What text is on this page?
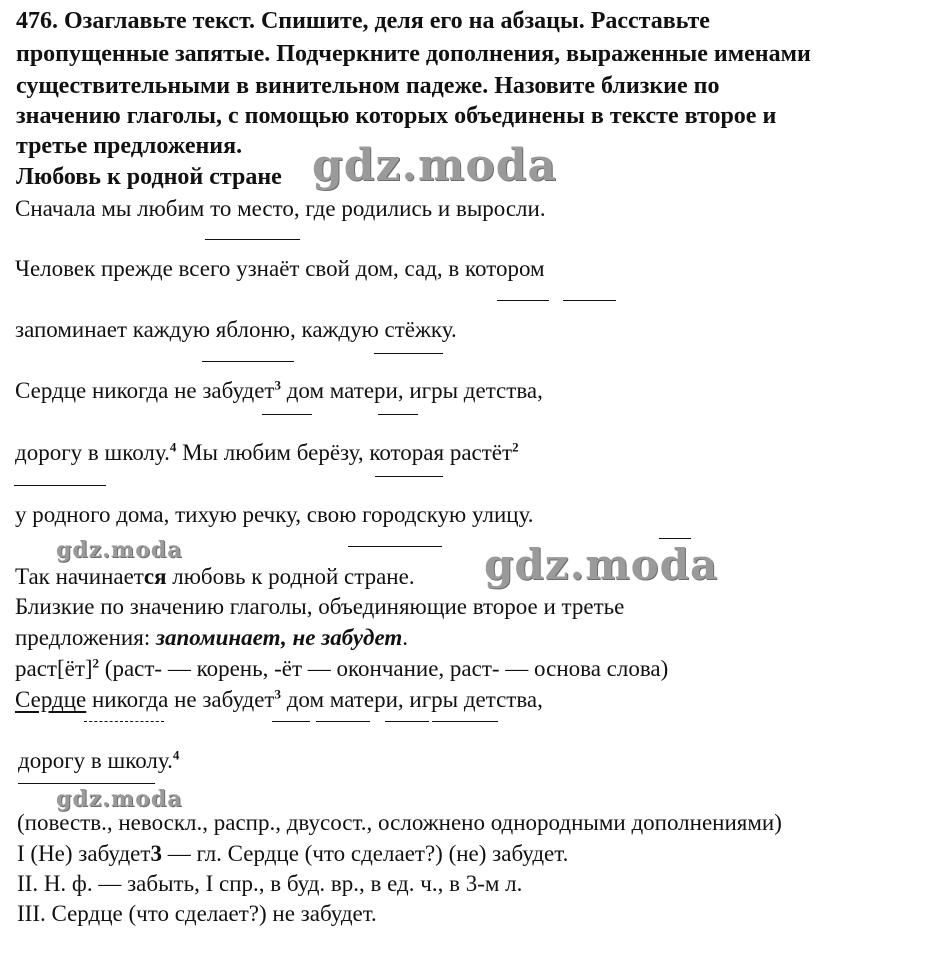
476. Озаглавьте текст. Спишите, деля его на абзацы. Расставьте
пропущенные запятые. Подчеркните дополнения, выраженные именами
существительными в винительном падеже. Назовите близкие по
значению глаголы, с помощью которых объединены в тексте второе и
третье предложения.
Любовь к родной стране gdz.moda
gdz.moda
gdz.moda
gdz.moda
Сначала мы любим то место, где родились и выросли.
Человек прежде всего узнаёт свой дом, сад, в котором
запоминает каждую яблоню, каждую стёжку.
Сердце никогда не забудет$^3$ дом матери, игры детства,
дорогу в школу.$^4$ Мы любим берёзу, которая растёт$^2$
у родного дома, тихую речку, свою городскую улицу.
Так начинается любовь к родной стране.
Близкие по значению глаголы, объединяющие второе и третье
предложения: запоминает, не забудет.
раст[ёт]$^2$ (раст- — корень, -ёт — окончание, раст- — основа слова)
Сердце никогда не забудет$^3$ дом матери, игры детства,
дорогу в школу.$^4$
(повеств., невоскл., распр., двусост., осложнено однородными дополнениями)
I (Не) забудет3 — гл. Сердце (что сделает?) (не) забудет.
II. Н. ф. — забыть, I спр., в буд. вр., в ед. ч., в 3-м л.
III. Сердце (что сделает?) не забудет.
